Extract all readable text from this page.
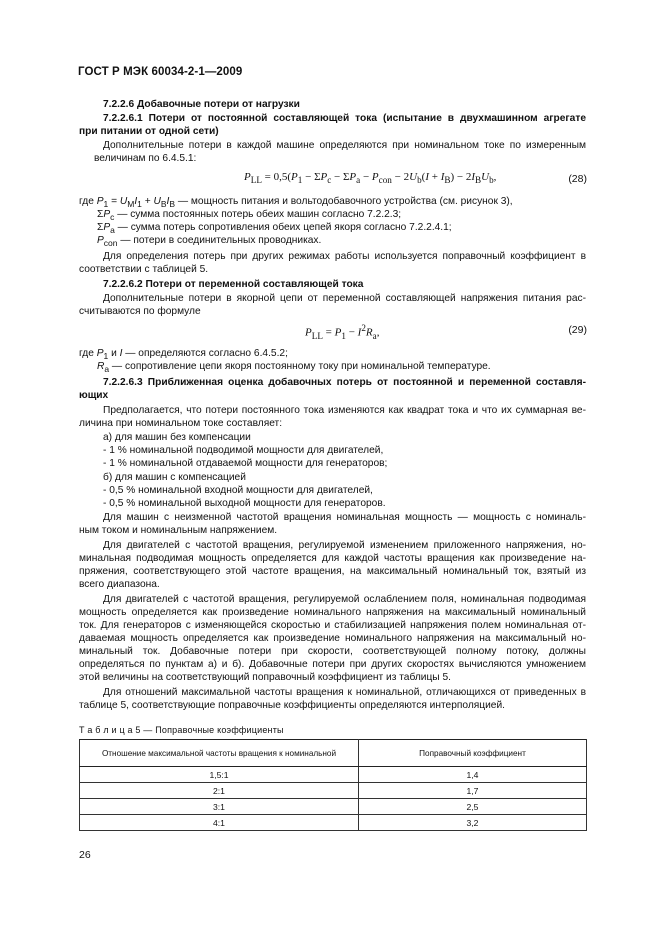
ГОСТ Р МЭК 60034-2-1—2009
7.2.2.6 Добавочные потери от нагрузки
7.2.2.6.1 Потери от постоянной составляющей тока (испытание в двухмашинном агрегате
при питании от одной сети)
Дополнительные потери в каждой машине определяются при номинальном токе по измеренным
величинам по 6.4.5.1:
$P_{LL} = 0,5(P_1 - \Sigma P_c - \Sigma P_a - P_{con} - 2U_b(I + I_B) - 2I_BU_b$,	(28)
где $P_1 = U_MI_1 + U_BI_B$ — мощность питания и вольтодобавочного устройства (см. рисунок 3),
$\Sigma P_c$ — сумма постоянных потерь обеих машин согласно 7.2.2.3;
$\Sigma P_a$ — сумма потерь сопротивления обеих цепей якоря согласно 7.2.2.4.1;
$P_{con}$ — потери в соединительных проводниках.
Для определения потерь при других режимах работы используется поправочный коэффициент в
соответствии с таблицей 5.
7.2.2.6.2 Потери от переменной составляющей тока
Дополнительные потери в якорной цепи от переменной составляющей напряжения питания рас-
считываются по формуле
$P_{LL} = P_1 - I^2R_a$,	(29)
где $P_1$ и I — определяются согласно 6.4.5.2;
$R_a$ — сопротивление цепи якоря постоянному току при номинальной температуре.
7.2.2.6.3 Приближенная оценка добавочных потерь от постоянной и переменной составля-
ющих
Предполагается, что потери постоянного тока изменяются как квадрат тока и что их суммарная ве-
личина при номинальном токе составляет:
а) для машин без компенсации
- 1 % номинальной подводимой мощности для двигателей,
- 1 % номинальной отдаваемой мощности для генераторов;
б) для машин с компенсацией
- 0,5 % номинальной входной мощности для двигателей,
- 0,5 % номинальной выходной мощности для генераторов.
Для машин с неизменной частотой вращения номинальная мощность — мощность с номиналь-
ным током и номинальным напряжением.
Для двигателей с частотой вращения, регулируемой изменением приложенного напряжения, но-
минальная подводимая мощность определяется для каждой частоты вращения как произведение на-
пряжения, соответствующего этой частоте вращения, на максимальный номинальный ток, взятый из
всего диапазона.
Для двигателей с частотой вращения, регулируемой ослаблением поля, номинальная подводимая
мощность определяется как произведение номинального напряжения на максимальный номинальный
ток. Для генераторов с изменяющейся скоростью и стабилизацией напряжения полем номинальная от-
даваемая мощность определяется как произведение номинального напряжения на максимальный но-
минальный ток. Добавочные потери при скорости, соответствующей полному потоку, должны
определяться по пунктам а) и б). Добавочные потери при других скоростях вычисляются умножением
этой величины на соответствующий поправочный коэффициент из таблицы 5.
Для отношений максимальной частоты вращения к номинальной, отличающихся от приведенных в
таблице 5, соответствующие поправочные коэффициенты определяются интерполяцией.
Т а б л и ц а 5 — Поправочные коэффициенты
Отношение максимальной частоты вращения к номинальной	Поправочный коэффициент
1,5:1	1,4
2:1	1,7
3:1	2,5
4:1	3,2
26
